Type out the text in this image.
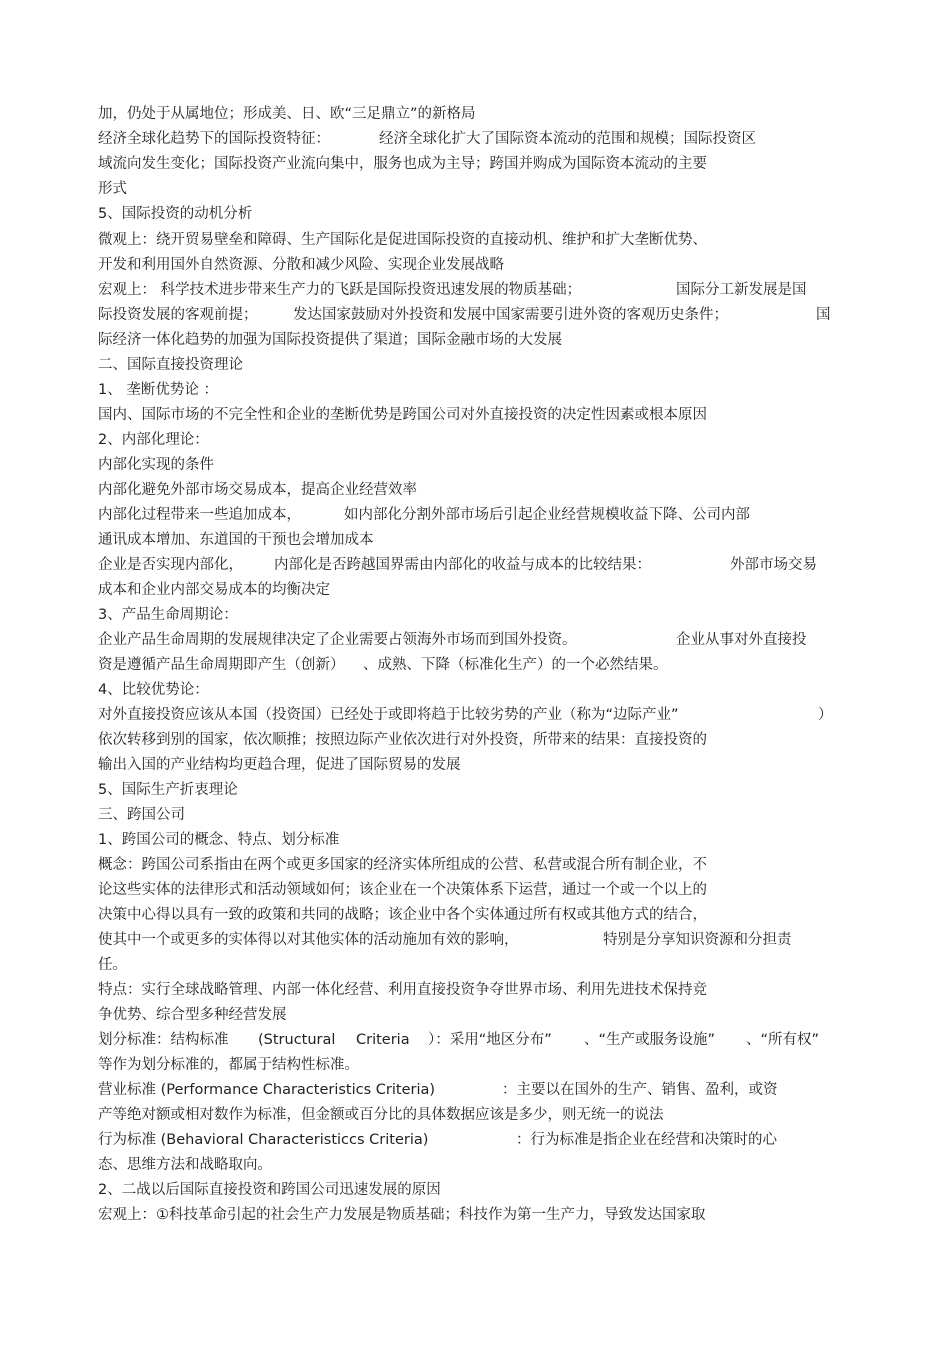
加，仍处于从属地位；形成美、日、欧“三足鼎立”的新格局
经济全球化趋势下的国际投资特征：	经济全球化扩大了国际资本流动的范围和规模；国际投资区
域流向发生变化；国际投资产业流向集中，服务也成为主导；跨国并购成为国际资本流动的主要
形式
5、国际投资的动机分析
微观上：绕开贸易壁垒和障碍、生产国际化是促进国际投资的直接动机、维护和扩大垄断优势、
开发和利用国外自然资源、分散和减少风险、实现企业发展战略
宏观上： 科学技术进步带来生产力的飞跃是国际投资迅速发展的物质基础；	国际分工新发展是国
际投资发展的客观前提； 发达国家鼓励对外投资和发展中国家需要引进外资的客观历史条件；	国
际经济一体化趋势的加强为国际投资提供了渠道；国际金融市场的大发展
二、国际直接投资理论
1、 垄断优势论 ：
国内、国际市场的不完全性和企业的垄断优势是跨国公司对外直接投资的决定性因素或根本原因
2、内部化理论：
内部化实现的条件
内部化避免外部市场交易成本，提高企业经营效率
内部化过程带来一些追加成本，	如内部化分割外部市场后引起企业经营规模收益下降、公司内部
通讯成本增加、东道国的干预也会增加成本
企业是否实现内部化， 内部化是否跨越国界需由内部化的收益与成本的比较结果：	外部市场交易
成本和企业内部交易成本的均衡决定
3、产品生命周期论：
企业产品生命周期的发展规律决定了企业需要占领海外市场而到国外投资。	企业从事对外直接投
资是遵循产品生命周期即产生（创新） 、成熟、下降（标准化生产）的一个必然结果。
4、比较优势论：
对外直接投资应该从本国（投资国）已经处于或即将趋于比较劣势的产业（称为“边际产业”	）
依次转移到别的国家，依次顺推；按照边际产业依次进行对外投资，所带来的结果：直接投资的
输出入国的产业结构均更趋合理，促进了国际贸易的发展
5、国际生产折衷理论
三、跨国公司
1、跨国公司的概念、特点、划分标准
概念：跨国公司系指由在两个或更多国家的经济实体所组成的公营、私营或混合所有制企业，不
论这些实体的法律形式和活动领域如何；该企业在一个决策体系下运营，通过一个或一个以上的
决策中心得以具有一致的政策和共同的战略；该企业中各个实体通过所有权或其他方式的结合，
使其中一个或更多的实体得以对其他实体的活动施加有效的影响，	特别是分享知识资源和分担责
任。
特点：实行全球战略管理、内部一体化经营、利用直接投资争夺世界市场、利用先进技术保持竞
争优势、综合型多种经营发展
划分标准：结构标准 (Structural Criteria ）：采用“地区分布” 、“生产或服务设施” 、“所有权”
等作为划分标准的，都属于结构性标准。
营业标准 (Performance Characteristics Criteria)	：主要以在国外的生产、销售、盈利，或资
产等绝对额或相对数作为标准，但金额或百分比的具体数据应该是多少，则无统一的说法
行为标准 (Behavioral Characteristiccs Criteria)	：行为标准是指企业在经营和决策时的心
态、思维方法和战略取向。
2、二战以后国际直接投资和跨国公司迅速发展的原因
宏观上：①科技革命引起的社会生产力发展是物质基础；科技作为第一生产力，导致发达国家取
